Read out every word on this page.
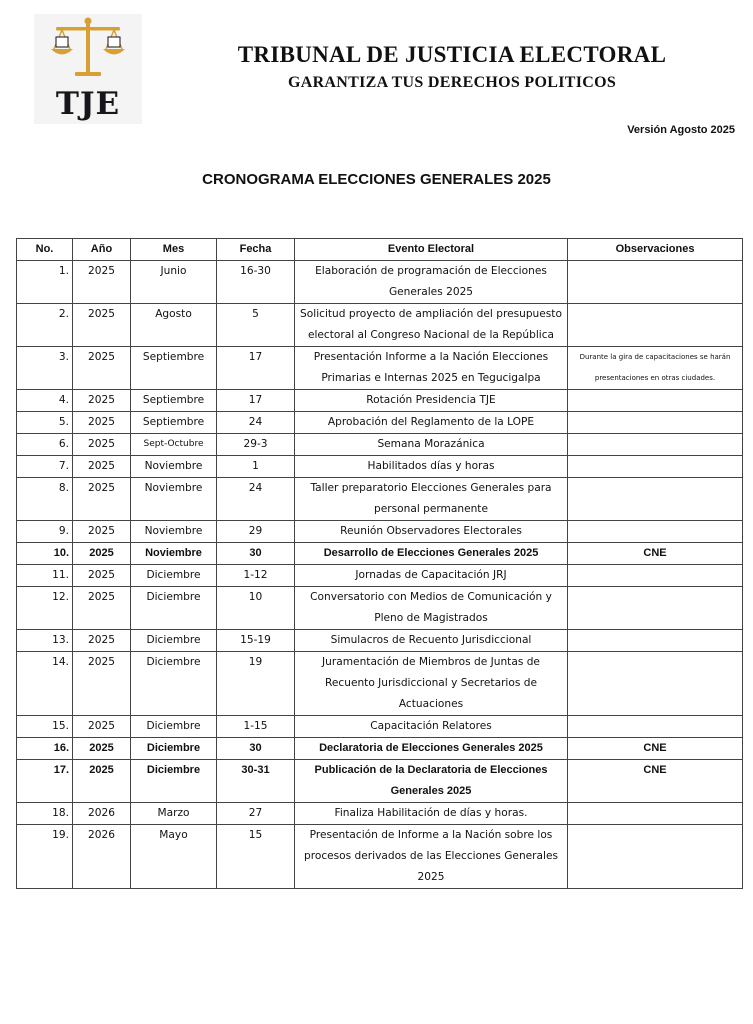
TJE
TRIBUNAL DE JUSTICIA ELECTORAL
GARANTIZA TUS DERECHOS POLITICOS
Versión Agosto 2025
CRONOGRAMA ELECCIONES GENERALES 2025
No.	Año	Mes	Fecha	Evento Electoral	Observaciones
1.	2025	Junio	16-30	Elaboración de programación de Elecciones Generales 2025	
2.	2025	Agosto	5	Solicitud proyecto de ampliación del presupuesto electoral al Congreso Nacional de la República	
3.	2025	Septiembre	17	Presentación Informe a la Nación Elecciones Primarias e Internas 2025 en Tegucigalpa	Durante la gira de capacitaciones se harán presentaciones en otras ciudades.
4.	2025	Septiembre	17	Rotación Presidencia TJE	
5.	2025	Septiembre	24	Aprobación del Reglamento de la LOPE	
6.	2025	Sept-Octubre	29-3	Semana Morazánica	
7.	2025	Noviembre	1	Habilitados días y horas	
8.	2025	Noviembre	24	Taller preparatorio Elecciones Generales para personal permanente	
9.	2025	Noviembre	29	Reunión Observadores Electorales	
10.	2025	Noviembre	30	Desarrollo de Elecciones Generales 2025	CNE
11.	2025	Diciembre	1-12	Jornadas de Capacitación JRJ	
12.	2025	Diciembre	10	Conversatorio con Medios de Comunicación y Pleno de Magistrados	
13.	2025	Diciembre	15-19	Simulacros de Recuento Jurisdiccional	
14.	2025	Diciembre	19	Juramentación de Miembros de Juntas de Recuento Jurisdiccional y Secretarios de Actuaciones	
15.	2025	Diciembre	1-15	Capacitación Relatores	
16.	2025	Diciembre	30	Declaratoria de Elecciones Generales 2025	CNE
17.	2025	Diciembre	30-31	Publicación de la Declaratoria de Elecciones Generales 2025	CNE
18.	2026	Marzo	27	Finaliza Habilitación de días y horas.	
19.	2026	Mayo	15	Presentación de Informe a la Nación sobre los procesos derivados de las Elecciones Generales 2025	
